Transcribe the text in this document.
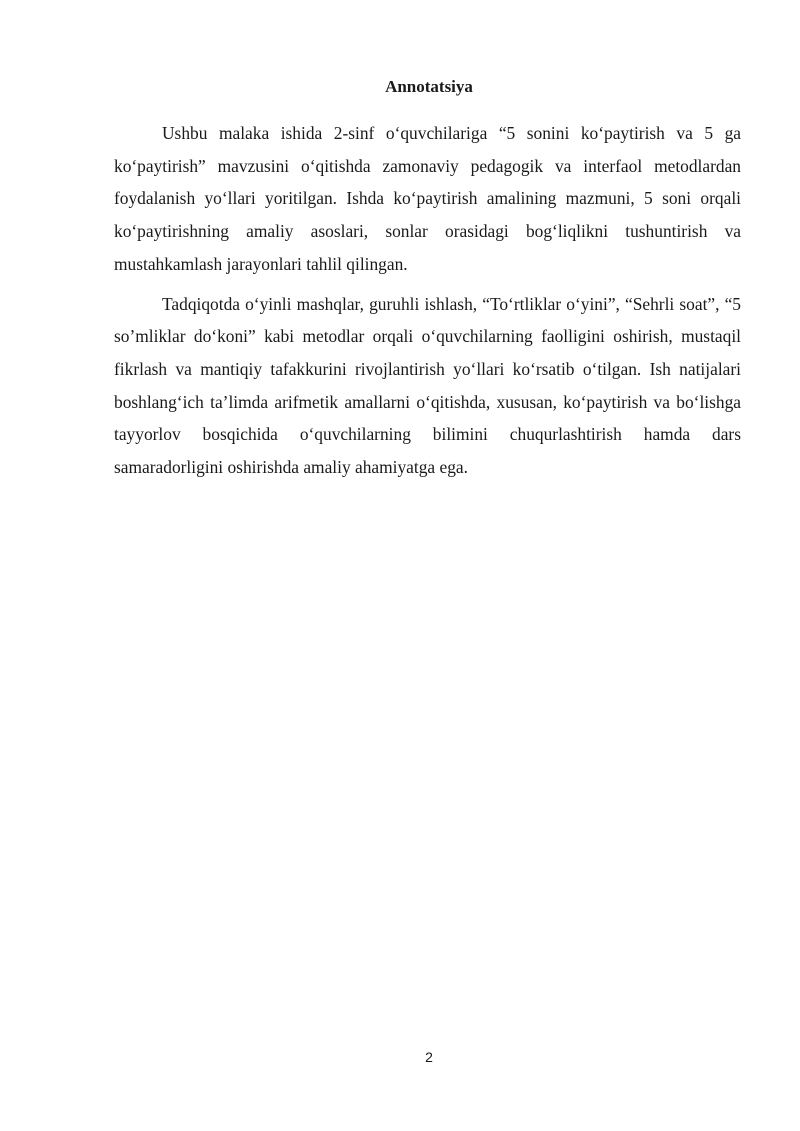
Annotatsiya

Ushbu malaka ishida 2-sinf o‘quvchilariga “5 sonini ko‘paytirish va 5 ga ko‘paytirish” mavzusini o‘qitishda zamonaviy pedagogik va interfaol metodlardan foydalanish yo‘llari yoritilgan. Ishda ko‘paytirish amalining mazmuni, 5 soni orqali ko‘paytirishning amaliy asoslari, sonlar orasidagi bog‘liqlikni tushuntirish va mustahkamlash jarayonlari tahlil qilingan.

Tadqiqotda o‘yinli mashqlar, guruhli ishlash, “To‘rtliklar o‘yini”, “Sehrli soat”, “5 so’mliklar do‘koni” kabi metodlar orqali o‘quvchilarning faolligini oshirish, mustaqil fikrlash va mantiqiy tafakkurini rivojlantirish yo‘llari ko‘rsatib o‘tilgan. Ish natijalari boshlang‘ich ta’limda arifmetik amallarni o‘qitishda, xususan, ko‘paytirish va bo‘lishga tayyorlov bosqichida o‘quvchilarning bilimini chuqurlashtirish hamda dars samaradorligini oshirishda amaliy ahamiyatga ega.

2
